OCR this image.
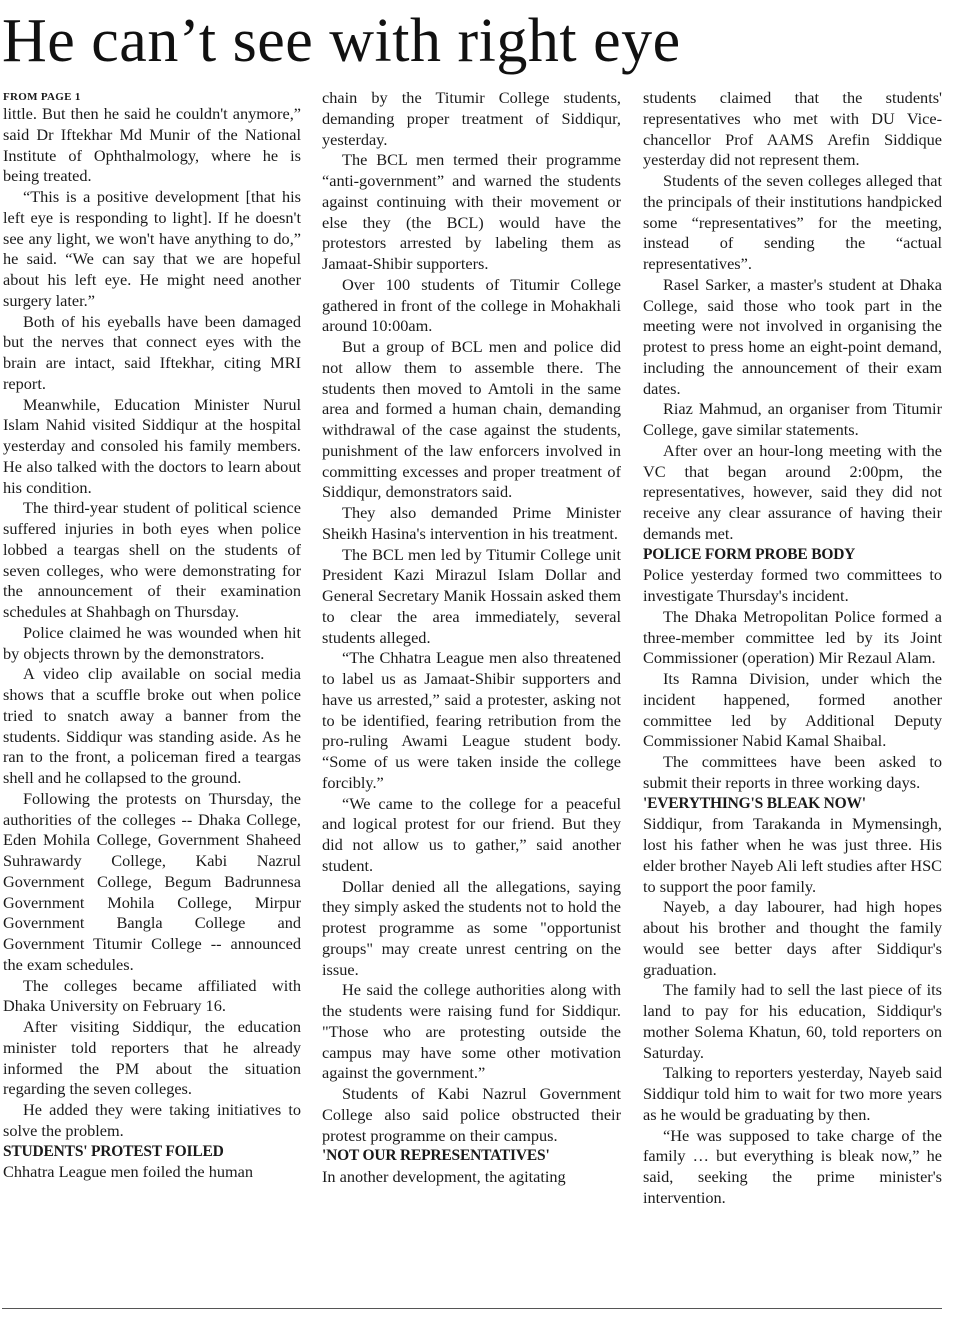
He can’t see with right eye
FROM PAGE 1

little. But then he said he couldn't anymore,” said Dr Iftekhar Md Munir of the National Institute of Ophthalmology, where he is being treated.

“This is a positive development [that his left eye is responding to light]. If he doesn't see any light, we won't have anything to do,” he said. “We can say that we are hopeful about his left eye. He might need another surgery later.”

Both of his eyeballs have been damaged but the nerves that connect eyes with the brain are intact, said Iftekhar, citing MRI report.

Meanwhile, Education Minister Nurul Islam Nahid visited Siddiqur at the hospital yesterday and consoled his family members. He also talked with the doctors to learn about his condition.

The third-year student of political science suffered injuries in both eyes when police lobbed a teargas shell on the students of seven colleges, who were demonstrating for the announcement of their examination schedules at Shahbagh on Thursday.

Police claimed he was wounded when hit by objects thrown by the demonstrators.

A video clip available on social media shows that a scuffle broke out when police tried to snatch away a banner from the students. Siddiqur was standing aside. As he ran to the front, a policeman fired a teargas shell and he collapsed to the ground.

Following the protests on Thursday, the authorities of the colleges -- Dhaka College, Eden Mohila College, Government Shaheed Suhrawardy College, Kabi Nazrul Government College, Begum Badrunnesa Government Mohila College, Mirpur Government Bangla College and Government Titumir College -- announced the exam schedules.

The colleges became affiliated with Dhaka University on February 16.

After visiting Siddiqur, the education minister told reporters that he already informed the PM about the situation regarding the seven colleges.

He added they were taking initiatives to solve the problem.

STUDENTS' PROTEST FOILED

Chhatra League men foiled the human

chain by the Titumir College students, demanding proper treatment of Siddiqur, yesterday.

The BCL men termed their programme “anti-government” and warned the students against continuing with their movement or else they (the BCL) would have the protestors arrested by labeling them as Jamaat-Shibir supporters.

Over 100 students of Titumir College gathered in front of the college in Mohakhali around 10:00am.

But a group of BCL men and police did not allow them to assemble there. The students then moved to Amtoli in the same area and formed a human chain, demanding withdrawal of the case against the students, punishment of the law enforcers involved in committing excesses and proper treatment of Siddiqur, demonstrators said.

They also demanded Prime Minister Sheikh Hasina's intervention in his treatment.

The BCL men led by Titumir College unit President Kazi Mirazul Islam Dollar and General Secretary Manik Hossain asked them to clear the area immediately, several students alleged.

“The Chhatra League men also threatened to label us as Jamaat-Shibir supporters and have us arrested,” said a protester, asking not to be identified, fearing retribution from the pro-ruling Awami League student body. “Some of us were taken inside the college forcibly.”

“We came to the college for a peaceful and logical protest for our friend. But they did not allow us to gather,” said another student.

Dollar denied all the allegations, saying they simply asked the students not to hold the protest programme as some "opportunist groups" may create unrest centring on the issue.

He said the college authorities along with the students were raising fund for Siddiqur. "Those who are protesting outside the campus may have some other motivation against the government.”

Students of Kabi Nazrul Government College also said police obstructed their protest programme on their campus.

'NOT OUR REPRESENTATIVES'

In another development, the agitating

students claimed that the students' representatives who met with DU Vice-chancellor Prof AAMS Arefin Siddique yesterday did not represent them.

Students of the seven colleges alleged that the principals of their institutions handpicked some “representatives” for the meeting, instead of sending the “actual representatives”.

Rasel Sarker, a master's student at Dhaka College, said those who took part in the meeting were not involved in organising the protest to press home an eight-point demand, including the announcement of their exam dates.

Riaz Mahmud, an organiser from Titumir College, gave similar statements.

After over an hour-long meeting with the VC that began around 2:00pm, the representatives, however, said they did not receive any clear assurance of having their demands met.

POLICE FORM PROBE BODY

Police yesterday formed two committees to investigate Thursday's incident.

The Dhaka Metropolitan Police formed a three-member committee led by its Joint Commissioner (operation) Mir Rezaul Alam.

Its Ramna Division, under which the incident happened, formed another committee led by Additional Deputy Commissioner Nabid Kamal Shaibal.

The committees have been asked to submit their reports in three working days.

'EVERYTHING'S BLEAK NOW'

Siddiqur, from Tarakanda in Mymensingh, lost his father when he was just three. His elder brother Nayeb Ali left studies after HSC to support the poor family.

Nayeb, a day labourer, had high hopes about his brother and thought the family would see better days after Siddiqur's graduation.

The family had to sell the last piece of its land to pay for his education, Siddiqur's mother Solema Khatun, 60, told reporters on Saturday.

Talking to reporters yesterday, Nayeb said Siddiqur told him to wait for two more years as he would be graduating by then.

“He was supposed to take charge of the family … but everything is bleak now,” he said, seeking the prime minister's intervention.
